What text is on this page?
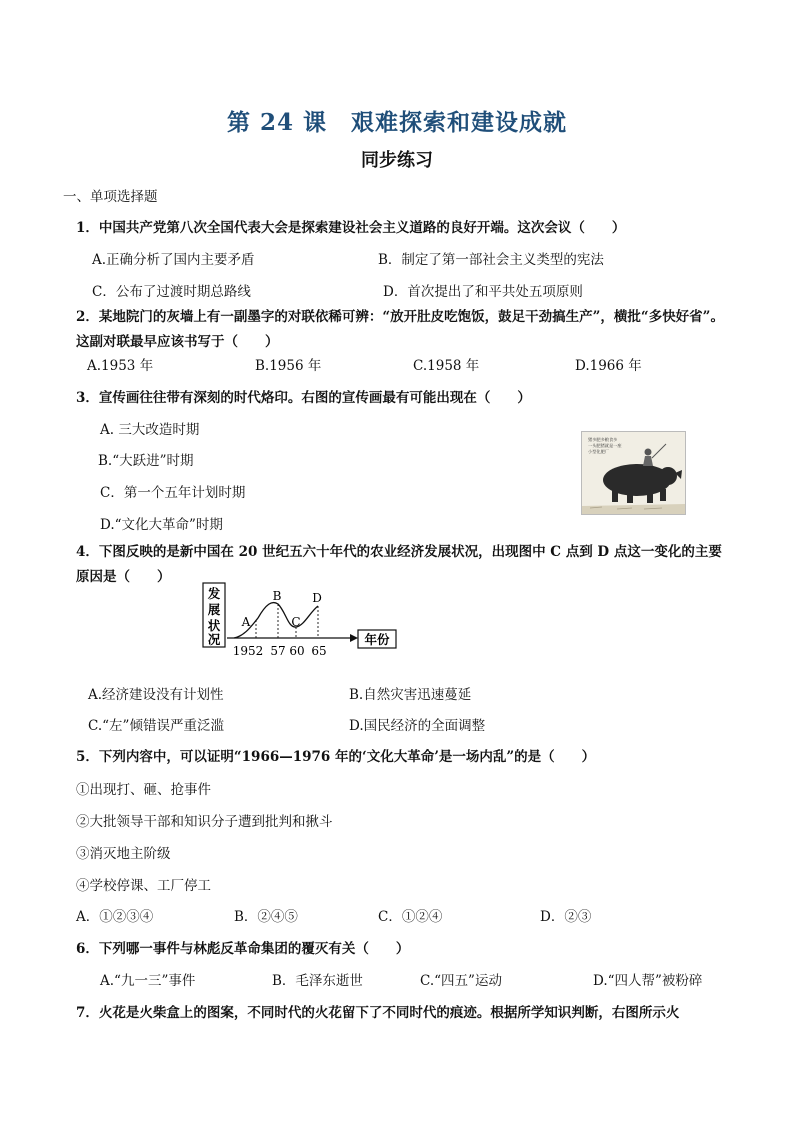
第 24 课　艰难探索和建设成就
同步练习
一、单项选择题
1．中国共产党第八次全国代表大会是探索建设社会主义道路的良好开端。这次会议（　　）
A.正确分析了国内主要矛盾	B．制定了第一部社会主义类型的宪法
C．公布了过渡时期总路线	D．首次提出了和平共处五项原则
2．某地院门的灰墙上有一副墨字的对联依稀可辨：“放开肚皮吃饱饭，鼓足干劲搞生产”，横批“多快好省”。这副对联最早应该书写于（　　）
A.1953 年	B.1956 年	C.1958 年	D.1966 年
3．宣传画往往带有深刻的时代烙印。右图的宣传画最有可能出现在（　　）
A. 三大改造时期
B.“大跃进”时期
C．第一个五年计划时期
D.“文化大革命”时期
猪多肥多粮食多
一头肥猪就是一座
小型化肥厂
4．下图反映的是新中国在 20 世纪五六十年代的农业经济发展状况，出现图中 C 点到 D 点这一变化的主要原因是（　　）
发
展
状
况	年份
A
B
C
D
1952 57 60 65
A.经济建设没有计划性	B.自然灾害迅速蔓延
C.“左”倾错误严重泛滥	D.国民经济的全面调整
5．下列内容中，可以证明“1966—1976 年的‘文化大革命’是一场内乱”的是（　　）
①出现打、砸、抢事件
②大批领导干部和知识分子遭到批判和揪斗
③消灭地主阶级
④学校停课、工厂停工
A．①②③④	B．②④⑤	C．①②④	D．②③
6．下列哪一事件与林彪反革命集团的覆灭有关（　　）
A.“九一三”事件	B．毛泽东逝世	C.“四五”运动	D.“四人帮”被粉碎
7．火花是火柴盒上的图案，不同时代的火花留下了不同时代的痕迹。根据所学知识判断，右图所示火
